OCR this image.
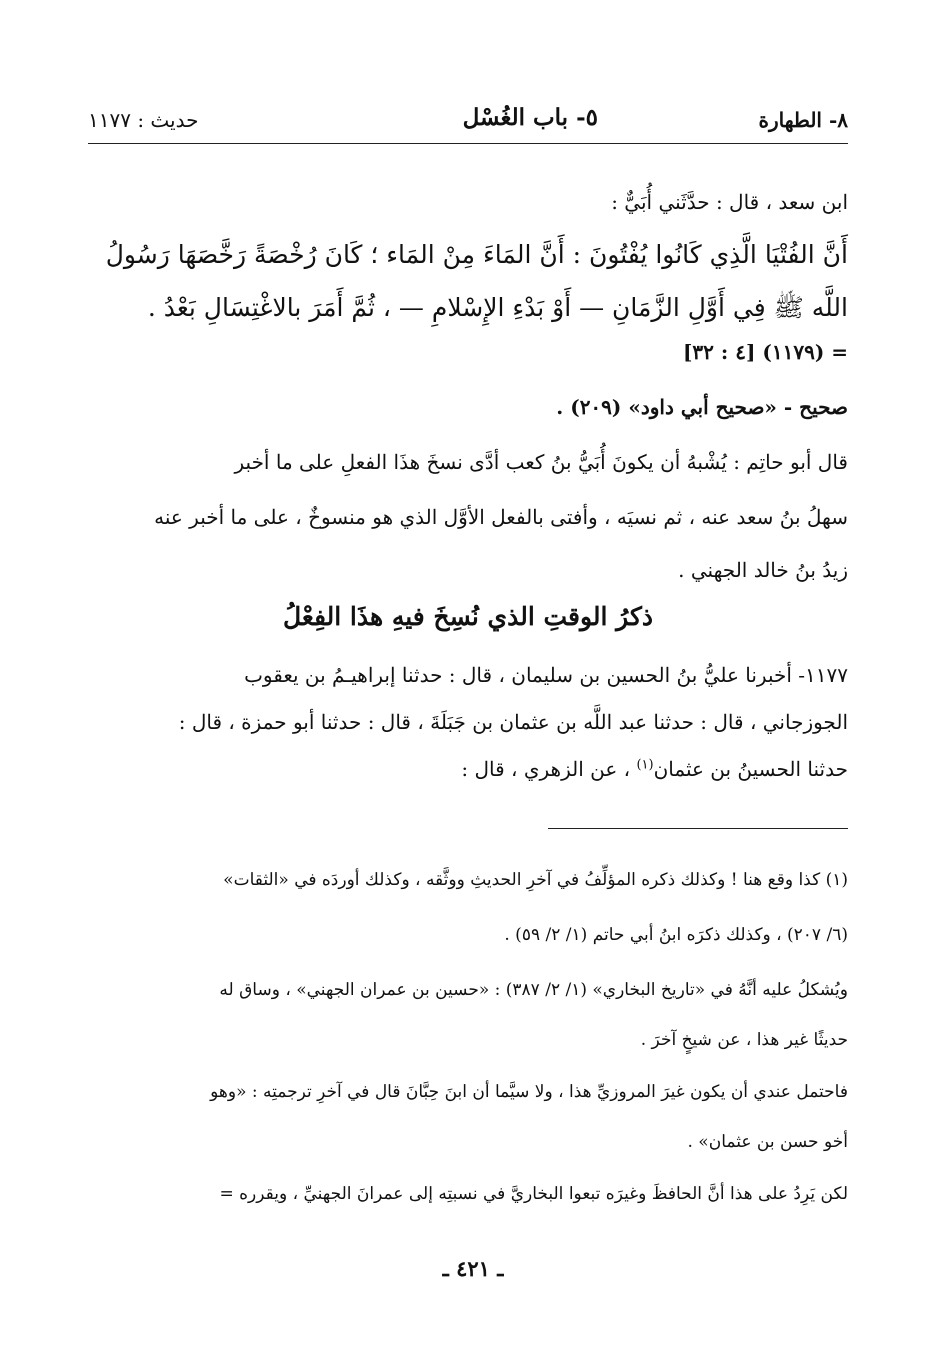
٨- الطهارة
٥- باب الغُسْل
حديث : ١١٧٧
ابن سعد ، قال : حدَّثَني أُبَيٌّ :
أَنَّ الفُتْيَا الَّذِي كَانُوا يُفْتُونَ : أَنَّ المَاءَ مِنْ المَاء ؛ كَانَ رُخْصَةً رَخَّصَهَا رَسُولُ
اللَّه ﷺ فِي أَوَّلِ الزَّمَانِ — أَوْ بَدْءِ الإِسْلامِ — ، ثُمَّ أَمَرَ بالاغْتِسَالِ بَعْدُ .
= (١١٧٩) [٤ : ٣٢]
صحيح - «صحيح أبي داود» (٢٠٩) .
قال أبو حاتِم : يُشْبهُ أن يكونَ أُبَيُّ بنُ كعب أدَّى نسخَ هذَا الفعلِ على ما أخبر
سهلُ بنُ سعد عنه ، ثم نسيَه ، وأفتى بالفعل الأوَّل الذي هو منسوخٌ ، على ما أخبر عنه
زيدُ بنُ خالد الجهني .
ذكرُ الوقتِ الذي نُسِخَ فيهِ هذَا الفِعْلُ
١١٧٧- أخبرنا عليُّ بنُ الحسين بن سليمان ، قال : حدثنا إبراهيـمُ بن يعقوب
الجوزجاني ، قال : حدثنا عبد اللَّه بن عثمان بن جَبَلَةَ ، قال : حدثنا أبو حمزة ، قال :
حدثنا الحسينُ بن عثمان$^{(١)}$ ، عن الزهري ، قال :
(١) كذا وقع هنا ! وكذلك ذكره المؤلِّفُ في آخرِ الحديثِ ووثَّقه ، وكذلك أوردَه في «الثقات»
(٦/ ٢٠٧) ، وكذلك ذكرَه ابنُ أبي حاتم (١/ ٢/ ٥٩) .
ويُشكلُ عليه أنَّهُ في «تاريخ البخاري» (١/ ٢/ ٣٨٧) : «حسين بن عمران الجهني» ، وساق له
حديثًا غير هذا ، عن شيخٍ آخرَ .
فاحتمل عندي أن يكون غيرَ المروزيِّ هذا ، ولا سيَّما أن ابنَ حِبَّانَ قال في آخرِ ترجمتِه : «وهو
أخو حسن بن عثمان» .
لكن يَرِدُ على هذا أنَّ الحافظَ وغيرَه تبعوا البخاريَّ في نسبتِه إلى عمرانَ الجهنيِّ ، ويقرره =
ـ ٤٢١ ـ
